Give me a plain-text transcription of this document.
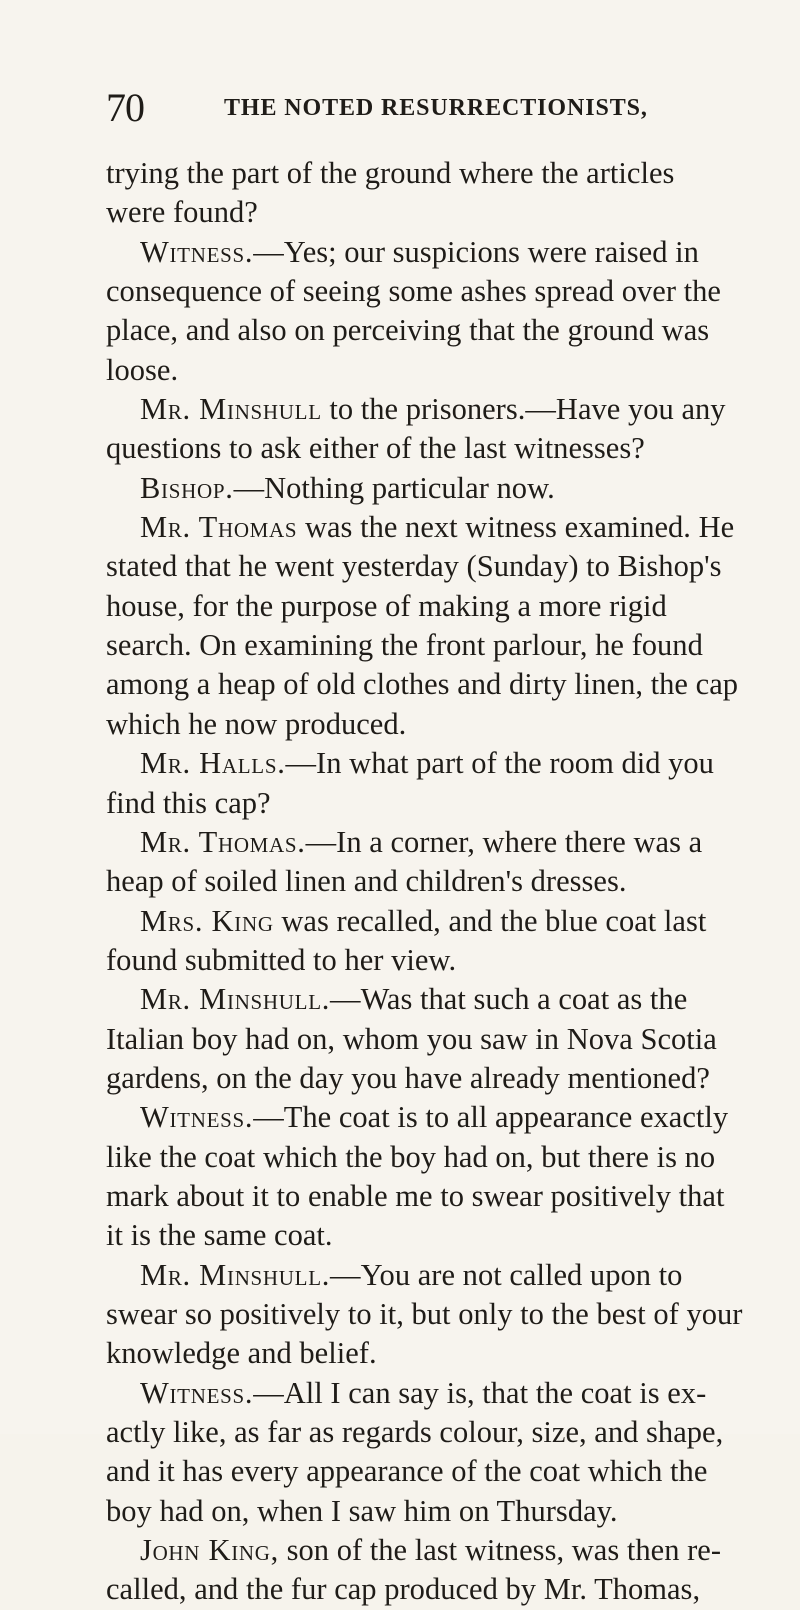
70	THE NOTED RESURRECTIONISTS,
trying the part of the ground where the articles
were found?
Witness.—Yes; our suspicions were raised in
consequence of seeing some ashes spread over the
place, and also on perceiving that the ground was
loose.
Mr. Minshull to the prisoners.—Have you any
questions to ask either of the last witnesses?
Bishop.—Nothing particular now.
Mr. Thomas was the next witness examined. He
stated that he went yesterday (Sunday) to Bishop's
house, for the purpose of making a more rigid
search. On examining the front parlour, he found
among a heap of old clothes and dirty linen, the cap
which he now produced.
Mr. Halls.—In what part of the room did you
find this cap?
Mr. Thomas.—In a corner, where there was a
heap of soiled linen and children's dresses.
Mrs. King was recalled, and the blue coat last
found submitted to her view.
Mr. Minshull.—Was that such a coat as the
Italian boy had on, whom you saw in Nova Scotia
gardens, on the day you have already mentioned?
Witness.—The coat is to all appearance exactly
like the coat which the boy had on, but there is no
mark about it to enable me to swear positively that
it is the same coat.
Mr. Minshull.—You are not called upon to
swear so positively to it, but only to the best of your
knowledge and belief.
Witness.—All I can say is, that the coat is ex-
actly like, as far as regards colour, size, and shape,
and it has every appearance of the coat which the
boy had on, when I saw him on Thursday.
John King, son of the last witness, was then re-
called, and the fur cap produced by Mr. Thomas,
